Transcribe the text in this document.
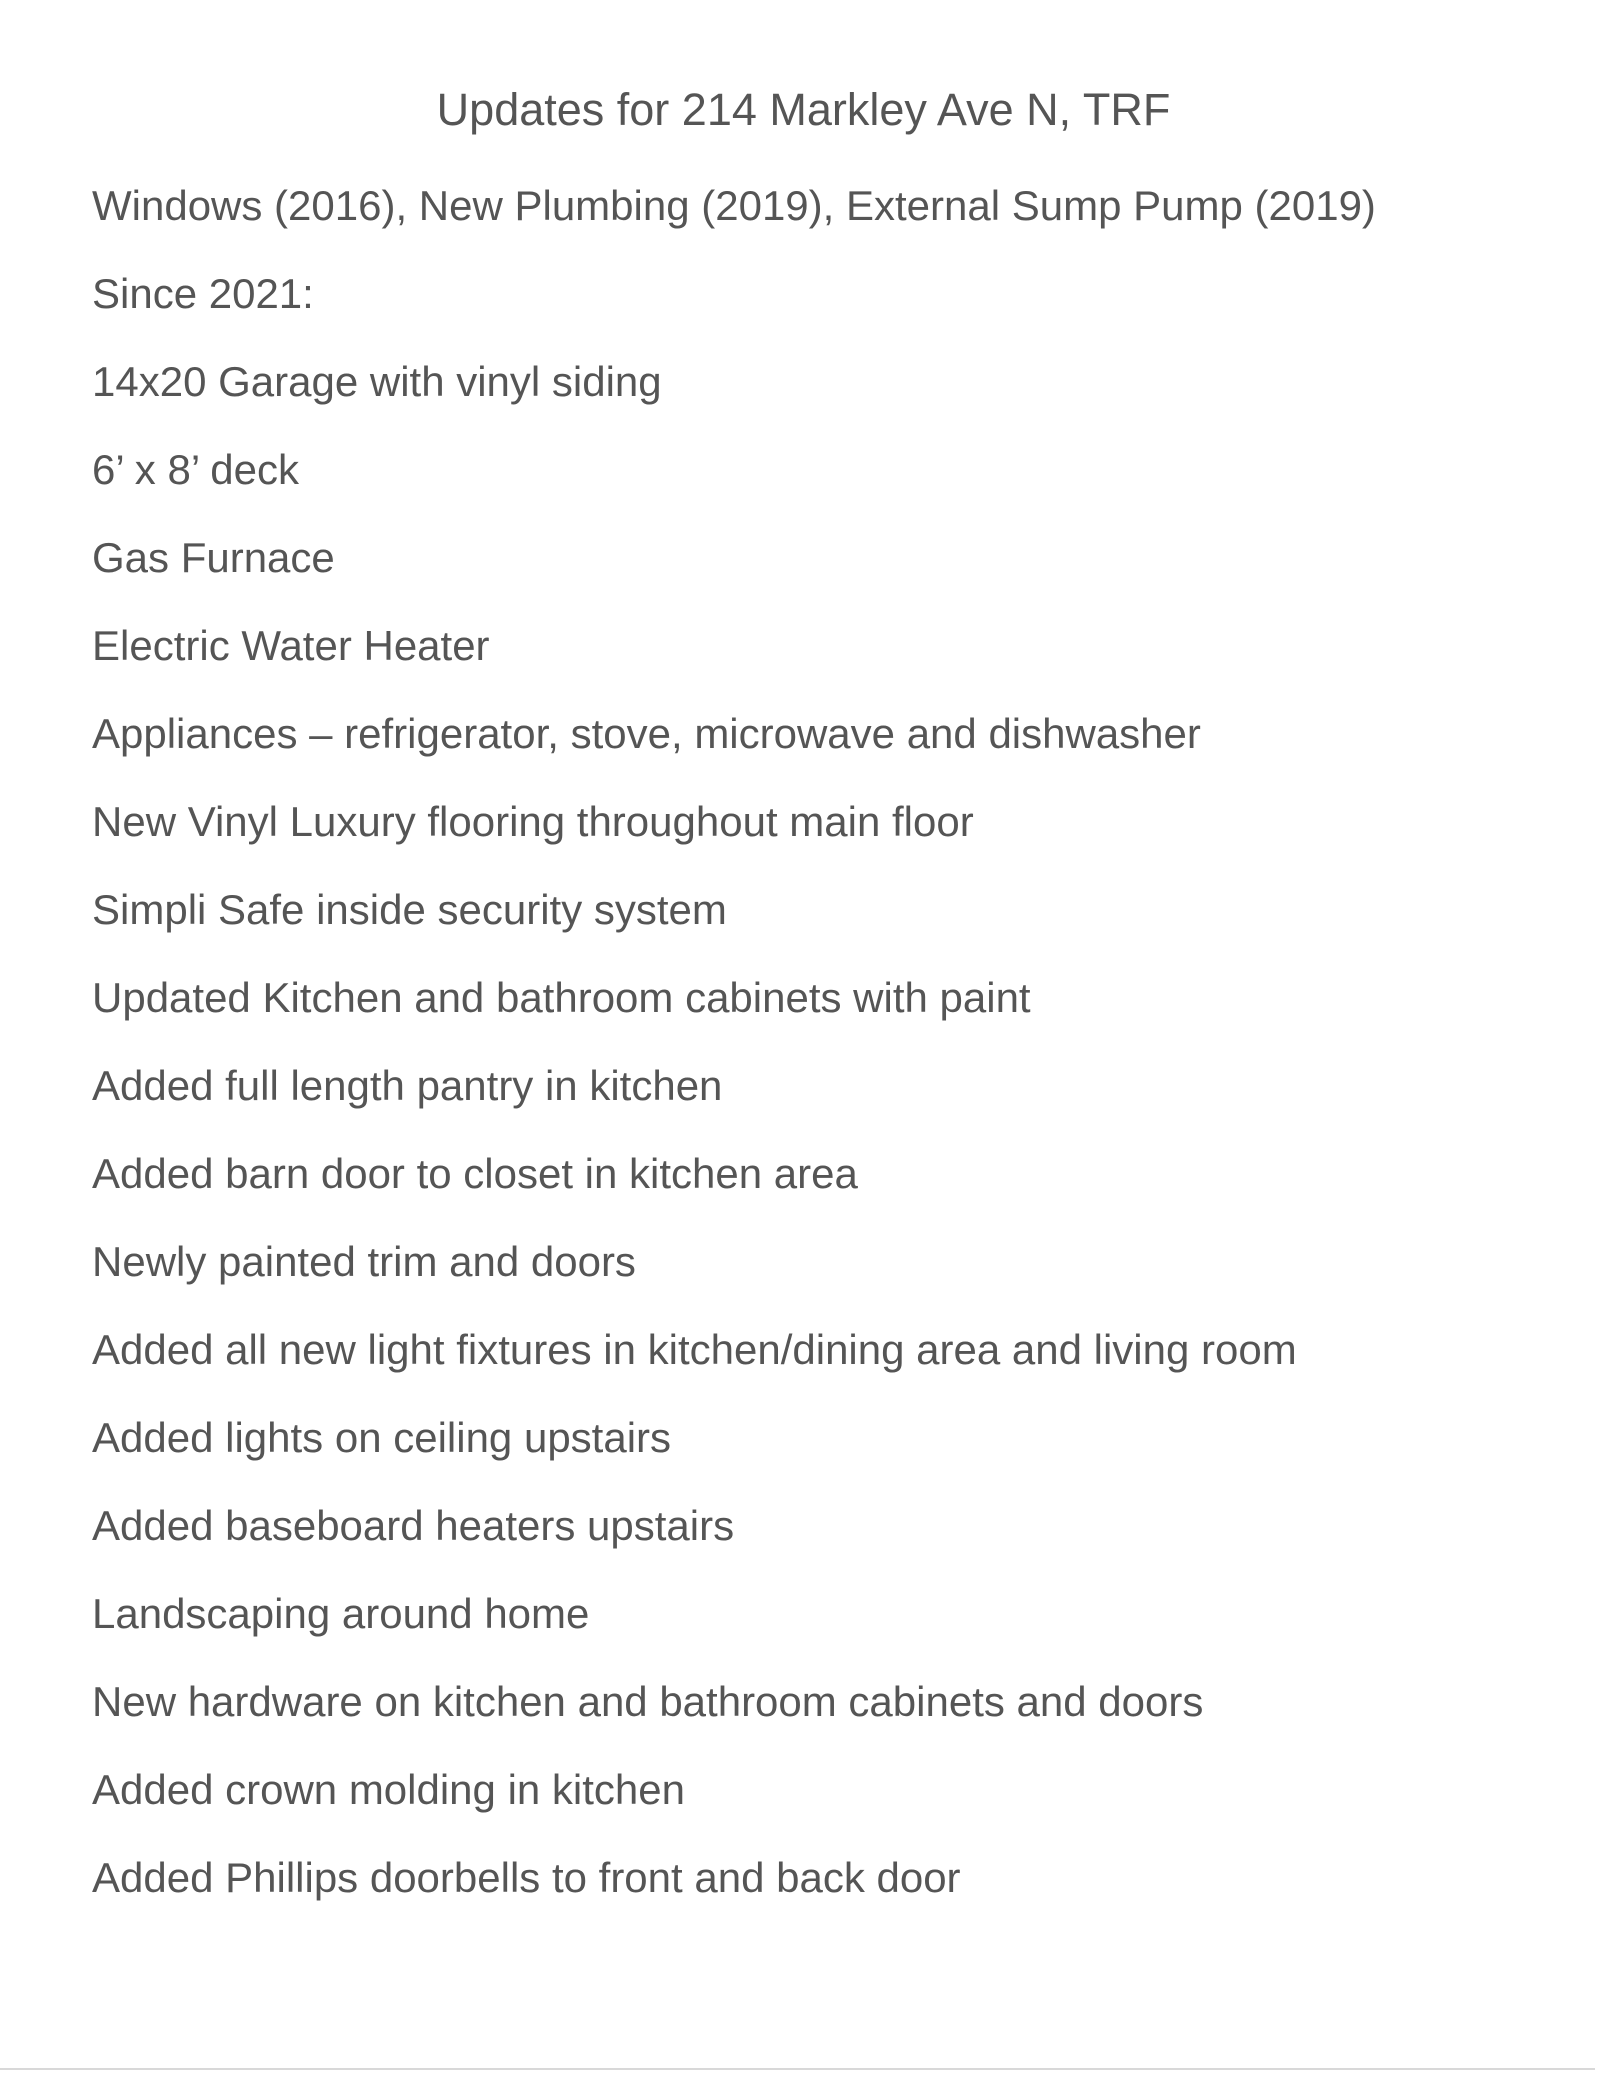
Updates for 214 Markley Ave N, TRF
Windows (2016), New Plumbing (2019), External Sump Pump (2019)
Since 2021:
14x20 Garage with vinyl siding
6’ x 8’ deck
Gas Furnace
Electric Water Heater
Appliances – refrigerator, stove, microwave and dishwasher
New Vinyl Luxury flooring throughout main floor
Simpli Safe inside security system
Updated Kitchen and bathroom cabinets with paint
Added full length pantry in kitchen
Added barn door to closet in kitchen area
Newly painted trim and doors
Added all new light fixtures in kitchen/dining area and living room
Added lights on ceiling upstairs
Added baseboard heaters upstairs
Landscaping around home
New hardware on kitchen and bathroom cabinets and doors
Added crown molding in kitchen
Added Phillips doorbells to front and back door
